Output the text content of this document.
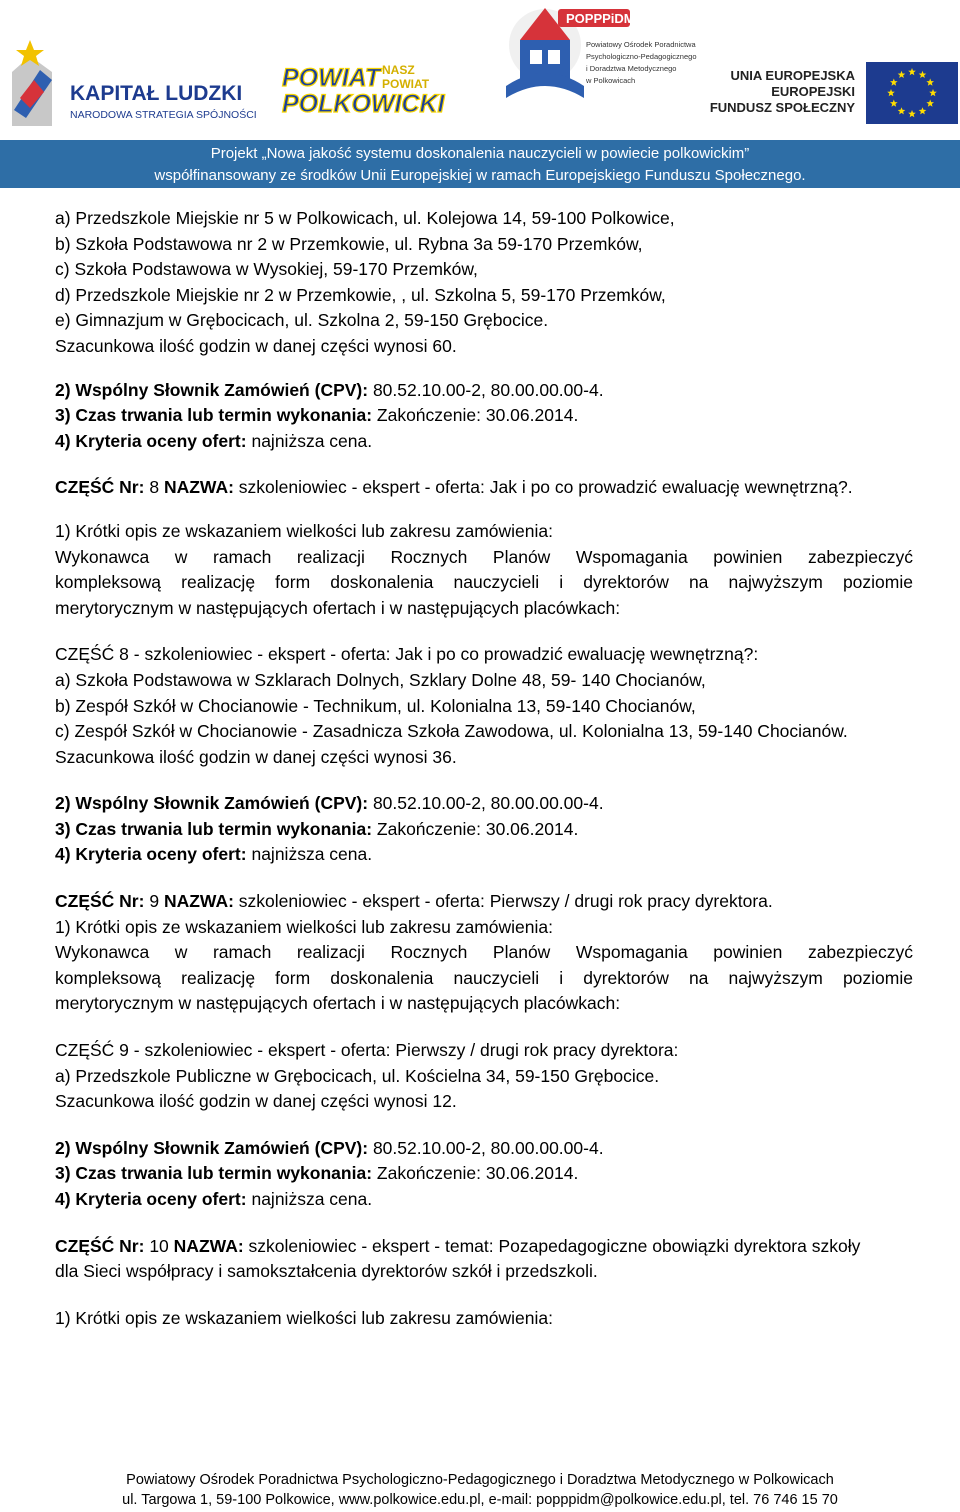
KAPITAŁ LUDZKI
NARODOWA STRATEGIA SPÓJNOŚCI
POWIAT
POLKOWICKI
NASZ
POWIAT
POPPPiDM
Powiatowy Ośrodek Poradnictwa
Psychologiczno-Pedagogicznego
i Doradztwa Metodycznego
w Polkowicach	UNIA EUROPEJSKA
EUROPEJSKI
FUNDUSZ SPOŁECZNY
Projekt „Nowa jakość systemu doskonalenia nauczycieli w powiecie polkowickim”
współfinansowany ze środków Unii Europejskiej w ramach Europejskiego Funduszu Społecznego.
a) Przedszkole Miejskie nr 5 w Polkowicach, ul. Kolejowa 14, 59-100 Polkowice,
b) Szkoła Podstawowa nr 2 w Przemkowie, ul. Rybna 3a 59-170 Przemków,
c) Szkoła Podstawowa w Wysokiej, 59-170 Przemków,
d) Przedszkole Miejskie nr 2 w Przemkowie, , ul. Szkolna 5, 59-170 Przemków,
e) Gimnazjum w Grębocicach, ul. Szkolna 2, 59-150 Grębocice.
Szacunkowa ilość godzin w danej części wynosi 60.
2) Wspólny Słownik Zamówień (CPV): 80.52.10.00-2, 80.00.00.00-4.
3) Czas trwania lub termin wykonania: Zakończenie: 30.06.2014.
4) Kryteria oceny ofert: najniższa cena.
CZĘŚĆ Nr: 8 NAZWA: szkoleniowiec - ekspert - oferta: Jak i po co prowadzić ewaluację wewnętrzną?.
1) Krótki opis ze wskazaniem wielkości lub zakresu zamówienia:
Wykonawca w ramach realizacji Rocznych Planów Wspomagania powinien zabezpieczyć
kompleksową realizację form doskonalenia nauczycieli i dyrektorów na najwyższym poziomie
merytorycznym w następujących ofertach i w następujących placówkach:
CZĘŚĆ 8 - szkoleniowiec - ekspert - oferta: Jak i po co prowadzić ewaluację wewnętrzną?:
a) Szkoła Podstawowa w Szklarach Dolnych, Szklary Dolne 48, 59- 140 Chocianów,
b) Zespół Szkół w Chocianowie - Technikum, ul. Kolonialna 13, 59-140 Chocianów,
c) Zespół Szkół w Chocianowie - Zasadnicza Szkoła Zawodowa, ul. Kolonialna 13, 59-140 Chocianów.
Szacunkowa ilość godzin w danej części wynosi 36.
2) Wspólny Słownik Zamówień (CPV): 80.52.10.00-2, 80.00.00.00-4.
3) Czas trwania lub termin wykonania: Zakończenie: 30.06.2014.
4) Kryteria oceny ofert: najniższa cena.
CZĘŚĆ Nr: 9 NAZWA: szkoleniowiec - ekspert - oferta: Pierwszy / drugi rok pracy dyrektora.
1) Krótki opis ze wskazaniem wielkości lub zakresu zamówienia:
Wykonawca w ramach realizacji Rocznych Planów Wspomagania powinien zabezpieczyć
kompleksową realizację form doskonalenia nauczycieli i dyrektorów na najwyższym poziomie
merytorycznym w następujących ofertach i w następujących placówkach:
CZĘŚĆ 9 - szkoleniowiec - ekspert - oferta: Pierwszy / drugi rok pracy dyrektora:
a) Przedszkole Publiczne w Grębocicach, ul. Kościelna 34, 59-150 Grębocice.
Szacunkowa ilość godzin w danej części wynosi 12.
2) Wspólny Słownik Zamówień (CPV): 80.52.10.00-2, 80.00.00.00-4.
3) Czas trwania lub termin wykonania: Zakończenie: 30.06.2014.
4) Kryteria oceny ofert: najniższa cena.
CZĘŚĆ Nr: 10 NAZWA: szkoleniowiec - ekspert - temat: Pozapedagogiczne obowiązki dyrektora szkoły
dla Sieci współpracy i samokształcenia dyrektorów szkół i przedszkoli.
1) Krótki opis ze wskazaniem wielkości lub zakresu zamówienia:
Powiatowy Ośrodek Poradnictwa Psychologiczno-Pedagogicznego i Doradztwa Metodycznego w Polkowicach
ul. Targowa 1, 59-100 Polkowice, www.polkowice.edu.pl, e-mail: popppidm@polkowice.edu.pl, tel. 76 746 15 70
